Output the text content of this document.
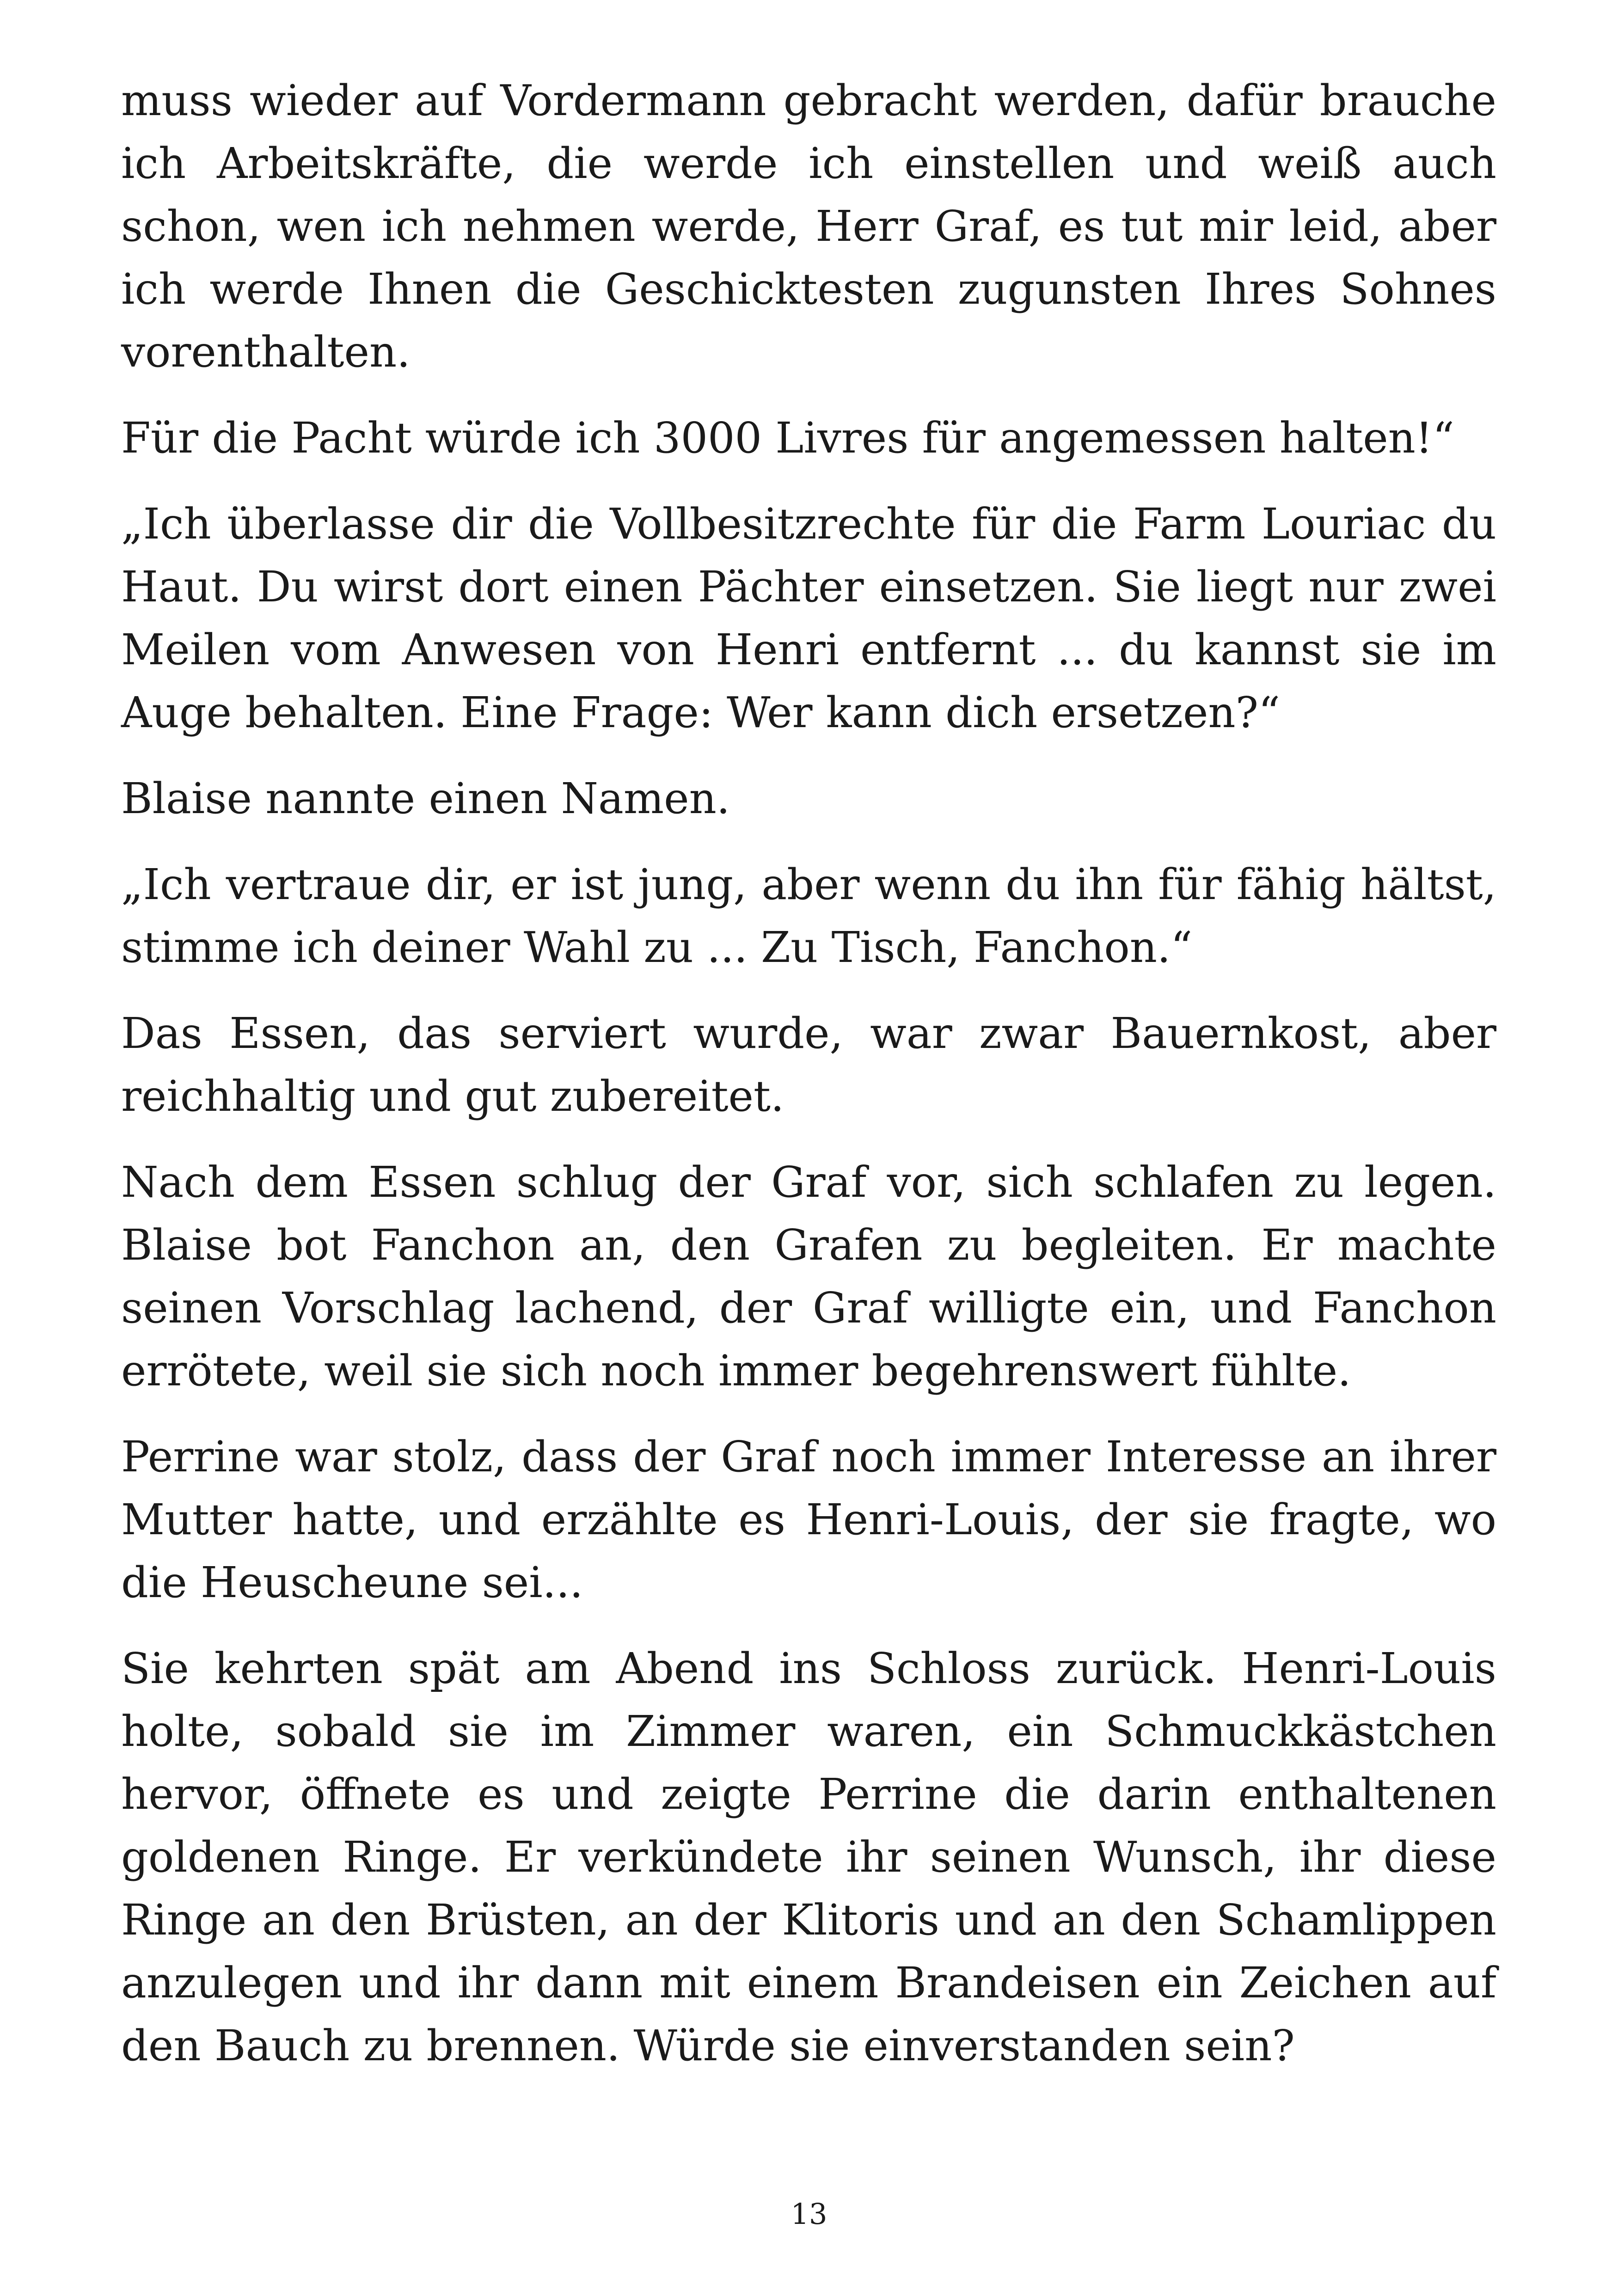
muss wieder auf Vordermann gebracht werden, dafür brauche ich Arbeitskräfte, die werde ich einstellen und weiß auch schon, wen ich nehmen werde, Herr Graf, es tut mir leid, aber ich werde Ihnen die Geschicktesten zugunsten Ihres Sohnes vorenthalten.

Für die Pacht würde ich 3000 Livres für angemessen halten!“

„Ich überlasse dir die Vollbesitzrechte für die Farm Louriac du Haut. Du wirst dort einen Pächter einsetzen. Sie liegt nur zwei Meilen vom Anwesen von Henri entfernt ... du kannst sie im Auge behalten. Eine Frage: Wer kann dich ersetzen?“

Blaise nannte einen Namen.

„Ich vertraue dir, er ist jung, aber wenn du ihn für fähig hältst, stimme ich deiner Wahl zu ... Zu Tisch, Fanchon.“

Das Essen, das serviert wurde, war zwar Bauernkost, aber reichhaltig und gut zubereitet.

Nach dem Essen schlug der Graf vor, sich schlafen zu legen. Blaise bot Fanchon an, den Grafen zu begleiten. Er machte seinen Vorschlag lachend, der Graf willigte ein, und Fanchon errötete, weil sie sich noch immer begehrenswert fühlte.

Perrine war stolz, dass der Graf noch immer Interesse an ihrer Mutter hatte, und erzählte es Henri-Louis, der sie fragte, wo die Heuscheune sei...

Sie kehrten spät am Abend ins Schloss zurück. Henri-Louis holte, sobald sie im Zimmer waren, ein Schmuckkästchen hervor, öffnete es und zeigte Perrine die darin enthaltenen goldenen Ringe. Er verkündete ihr seinen Wunsch, ihr diese Ringe an den Brüsten, an der Klitoris und an den Schamlippen anzulegen und ihr dann mit einem Brandeisen ein Zeichen auf den Bauch zu brennen. Würde sie einverstanden sein?

13
